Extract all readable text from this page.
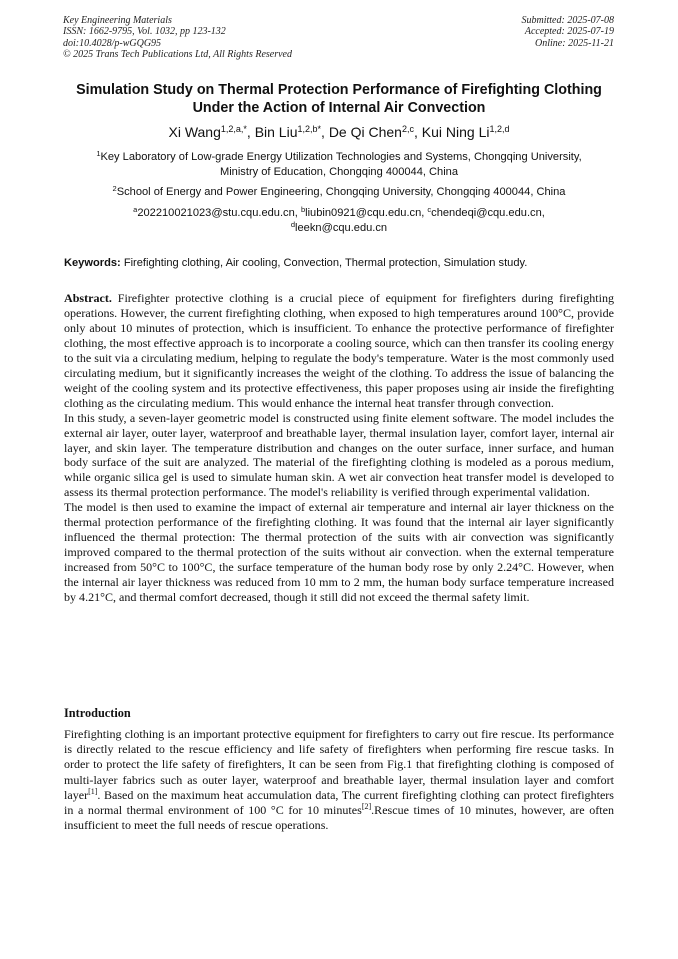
Key Engineering Materials
ISSN: 1662-9795, Vol. 1032, pp 123-132
doi:10.4028/p-wGQG95
© 2025 Trans Tech Publications Ltd, All Rights Reserved
Submitted: 2025-07-08
Accepted: 2025-07-19
Online: 2025-11-21
Simulation Study on Thermal Protection Performance of Firefighting Clothing Under the Action of Internal Air Convection
Xi Wang$^{1,2,a,*}$, Bin Liu$^{1,2,b*}$, De Qi Chen$^{2,c}$, Kui Ning Li$^{1,2,d}$
$^1$Key Laboratory of Low-grade Energy Utilization Technologies and Systems, Chongqing University, Ministry of Education, Chongqing 400044, China
$^2$School of Energy and Power Engineering, Chongqing University, Chongqing 400044, China
$^a$202210021023@stu.cqu.edu.cn, $^b$liubin0921@cqu.edu.cn, $^c$chendeqi@cqu.edu.cn,
$^d$leekn@cqu.edu.cn
Keywords: Firefighting clothing, Air cooling, Convection, Thermal protection, Simulation study.

Abstract. Firefighter protective clothing is a crucial piece of equipment for firefighters during firefighting operations. However, the current firefighting clothing, when exposed to high temperatures around 100°C, provide only about 10 minutes of protection, which is insufficient. To enhance the protective performance of firefighter clothing, the most effective approach is to incorporate a cooling source, which can then transfer its cooling energy to the suit via a circulating medium, helping to regulate the body's temperature. Water is the most commonly used circulating medium, but it significantly increases the weight of the clothing. To address the issue of balancing the weight of the cooling system and its protective effectiveness, this paper proposes using air inside the firefighting clothing as the circulating medium. This would enhance the internal heat transfer through convection.

In this study, a seven-layer geometric model is constructed using finite element software. The model includes the external air layer, outer layer, waterproof and breathable layer, thermal insulation layer, comfort layer, internal air layer, and skin layer. The temperature distribution and changes on the outer surface, inner surface, and human body surface of the suit are analyzed. The material of the firefighting clothing is modeled as a porous medium, while organic silica gel is used to simulate human skin. A wet air convection heat transfer model is developed to assess its thermal protection performance. The model's reliability is verified through experimental validation.

The model is then used to examine the impact of external air temperature and internal air layer thickness on the thermal protection performance of the firefighting clothing. It was found that the internal air layer significantly influenced the thermal protection: The thermal protection of the suits with air convection was significantly improved compared to the thermal protection of the suits without air convection. when the external temperature increased from 50°C to 100°C, the surface temperature of the human body rose by only 2.24°C. However, when the internal air layer thickness was reduced from 10 mm to 2 mm, the human body surface temperature increased by 4.21°C, and thermal comfort decreased, though it still did not exceed the thermal safety limit.

Introduction

Firefighting clothing is an important protective equipment for firefighters to carry out fire rescue. Its performance is directly related to the rescue efficiency and life safety of firefighters when performing fire rescue tasks. In order to protect the life safety of firefighters, It can be seen from Fig.1 that firefighting clothing is composed of multi-layer fabrics such as outer layer, waterproof and breathable layer, thermal insulation layer and comfort layer[1]. Based on the maximum heat accumulation data, The current firefighting clothing can protect firefighters in a normal thermal environment of 100 °C for 10 minutes[2].Rescue times of 10 minutes, however, are often insufficient to meet the full needs of rescue operations.
